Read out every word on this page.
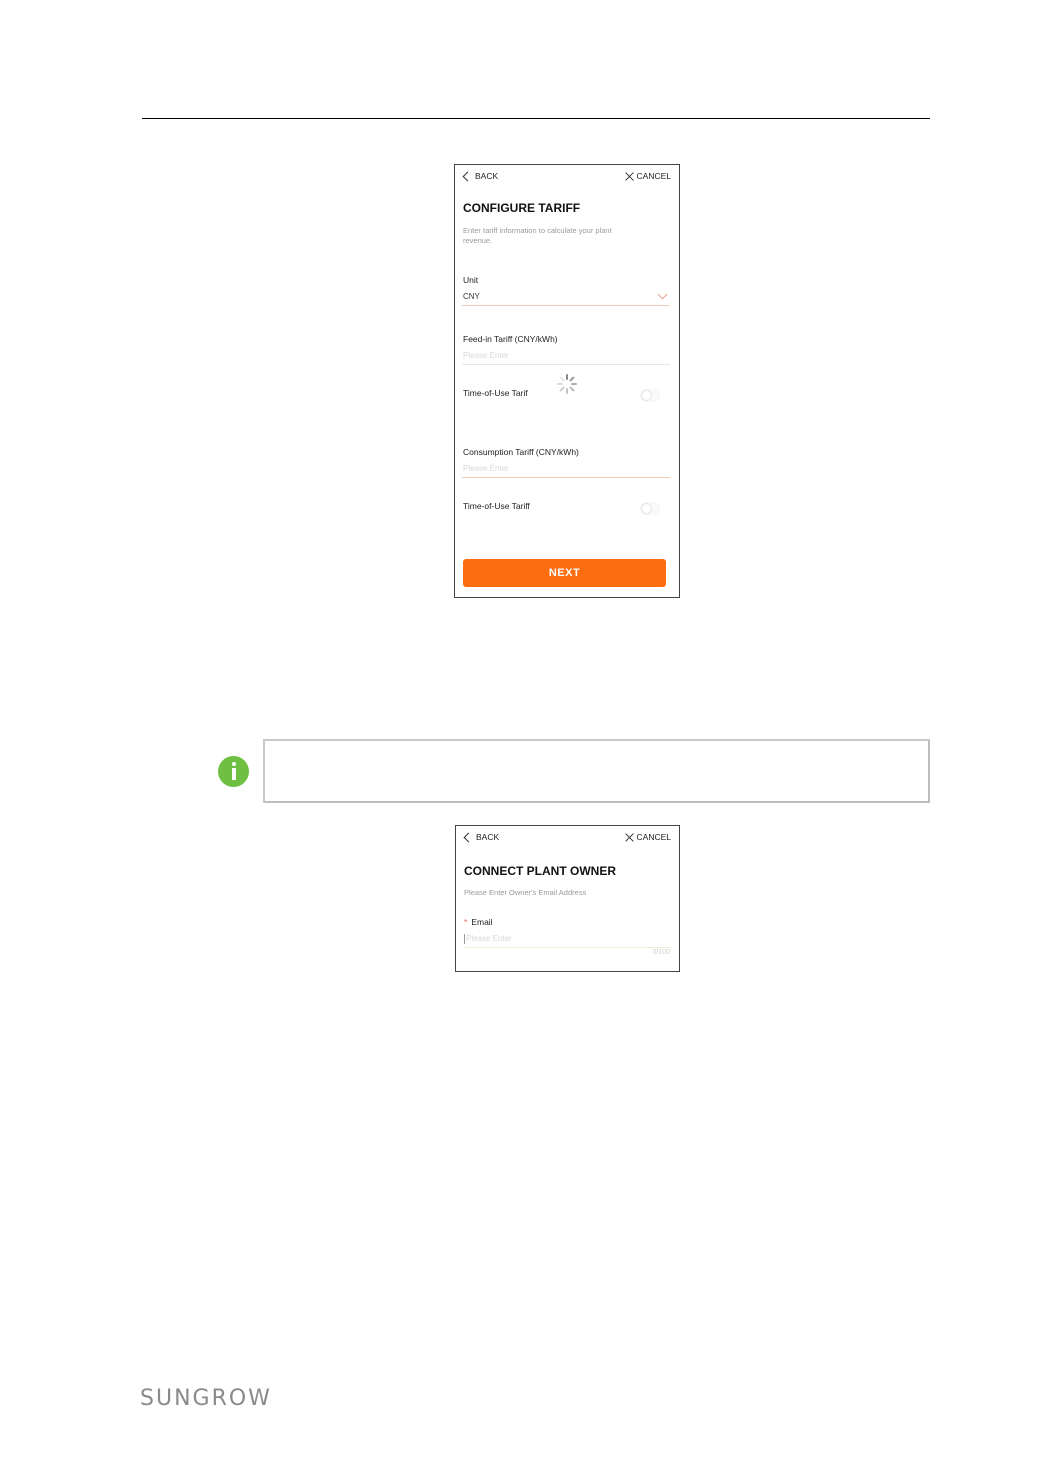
BACK	CANCEL
CONFIGURE TARIFF
Enter tariff information to calculate your plant revenue.
Unit
CNY
Feed-in Tariff (CNY/kWh)
Please Enter
Time-of-Use Tarif
Consumption Tariff (CNY/kWh)
Please Enter
Time-of-Use Tariff
NEXT
BACK	CANCEL
CONNECT PLANT OWNER
Please Enter Owner's Email Address
* Email
Please Enter
0/100
SUNGROW
